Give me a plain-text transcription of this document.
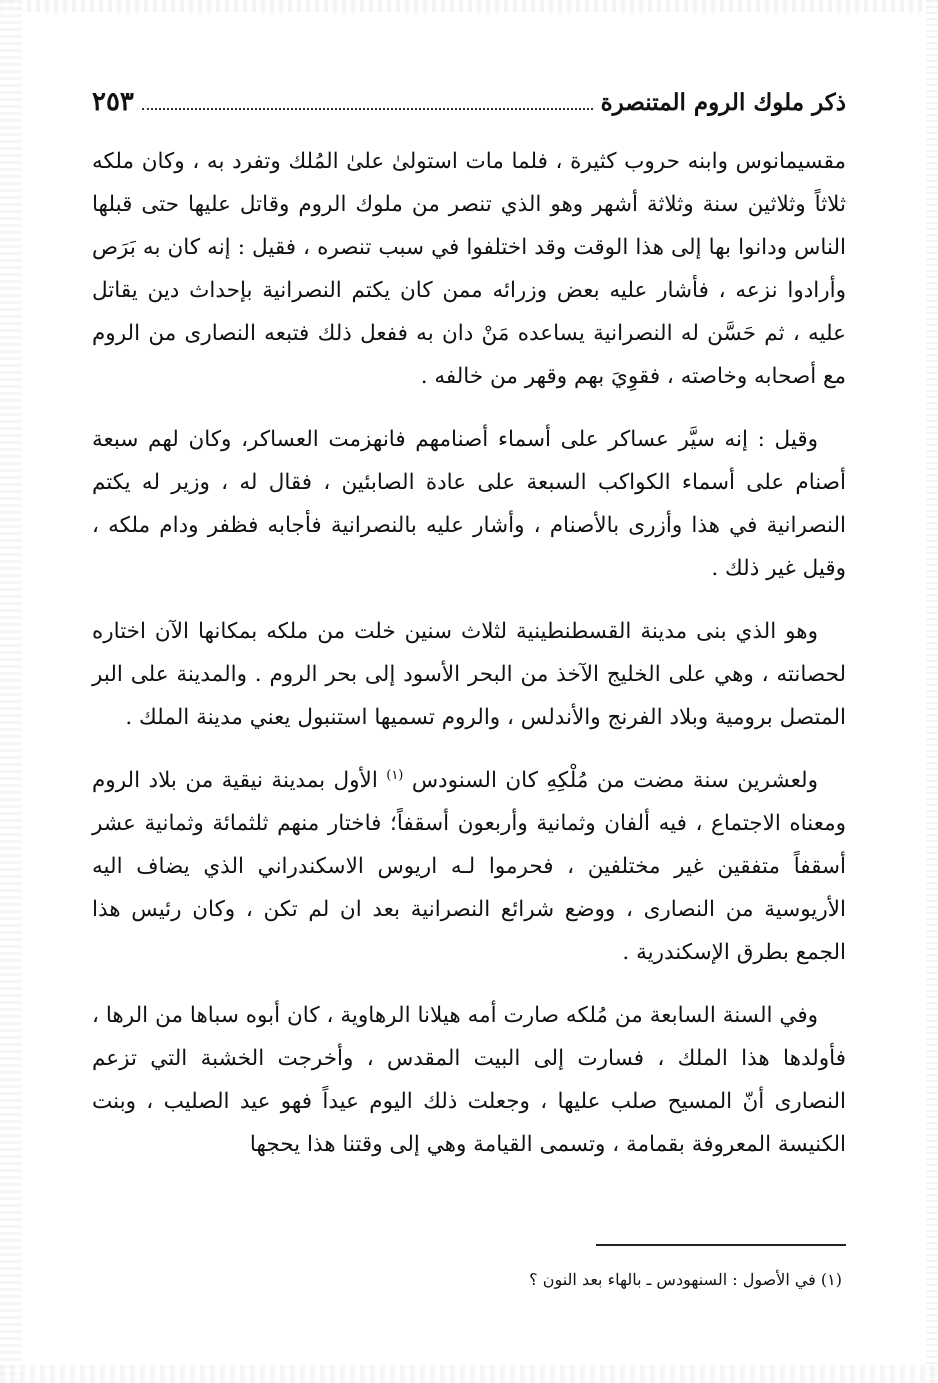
ذكر ملوك الروم المتنصرة
٢٥٣

مقسيمانوس وابنه حروب كثيرة ، فلما مات استولىٰ علىٰ المُلك وتفرد به ، وكان ملكه ثلاثاً وثلاثين سنة وثلاثة أشهر وهو الذي تنصر من ملوك الروم وقاتل عليها حتى قبلها الناس ودانوا بها إلى هذا الوقت وقد اختلفوا في سبب تنصره ، فقيل : إنه كان به بَرَص وأرادوا نزعه ، فأشار عليه بعض وزرائه ممن كان يكتم النصرانية بإحداث دين يقاتل عليه ، ثم حَسَّن له النصرانية يساعده مَنْ دان به ففعل ذلك فتبعه النصارى من الروم مع أصحابه وخاصته ، فقوِيَ بهم وقهر من خالفه .

وقيل : إنه سيَّر عساكر على أسماء أصنامهم فانهزمت العساكر، وكان لهم سبعة أصنام على أسماء الكواكب السبعة على عادة الصابئين ، فقال له ، وزير له يكتم النصرانية في هذا وأزرى بالأصنام ، وأشار عليه بالنصرانية فأجابه فظفر ودام ملكه ، وقيل غير ذلك .

وهو الذي بنى مدينة القسطنطينية لثلاث سنين خلت من ملكه بمكانها الآن اختاره لحصانته ، وهي على الخليج الآخذ من البحر الأسود إلى بحر الروم . والمدينة على البر المتصل برومية وبلاد الفرنج والأندلس ، والروم تسميها استنبول يعني مدينة الملك .

ولعشرين سنة مضت من مُلْكِهِ كان السنودس $^{(١)}$ الأول بمدينة نيقية من بلاد الروم ومعناه الاجتماع ، فيه ألفان وثمانية وأربعون أسقفاً؛ فاختار منهم ثلثمائة وثمانية عشر أسقفاً متفقين غير مختلفين ، فحرموا لـه اريوس الاسكندراني الذي يضاف اليه الأريوسية من النصارى ، ووضع شرائع النصرانية بعد ان لم تكن ، وكان رئيس هذا الجمع بطرق الإسكندرية .

وفي السنة السابعة من مُلكه صارت أمه هيلانا الرهاوية ، كان أبوه سباها من الرها ، فأولدها هذا الملك ، فسارت إلى البيت المقدس ، وأخرجت الخشبة التي تزعم النصارى أنّ المسيح صلب عليها ، وجعلت ذلك اليوم عيداً فهو عيد الصليب ، وبنت الكنيسة المعروفة بقمامة ، وتسمى القيامة وهي إلى وقتنا هذا يحجها

(١) في الأصول : السنهودس ـ بالهاء بعد النون ؟
